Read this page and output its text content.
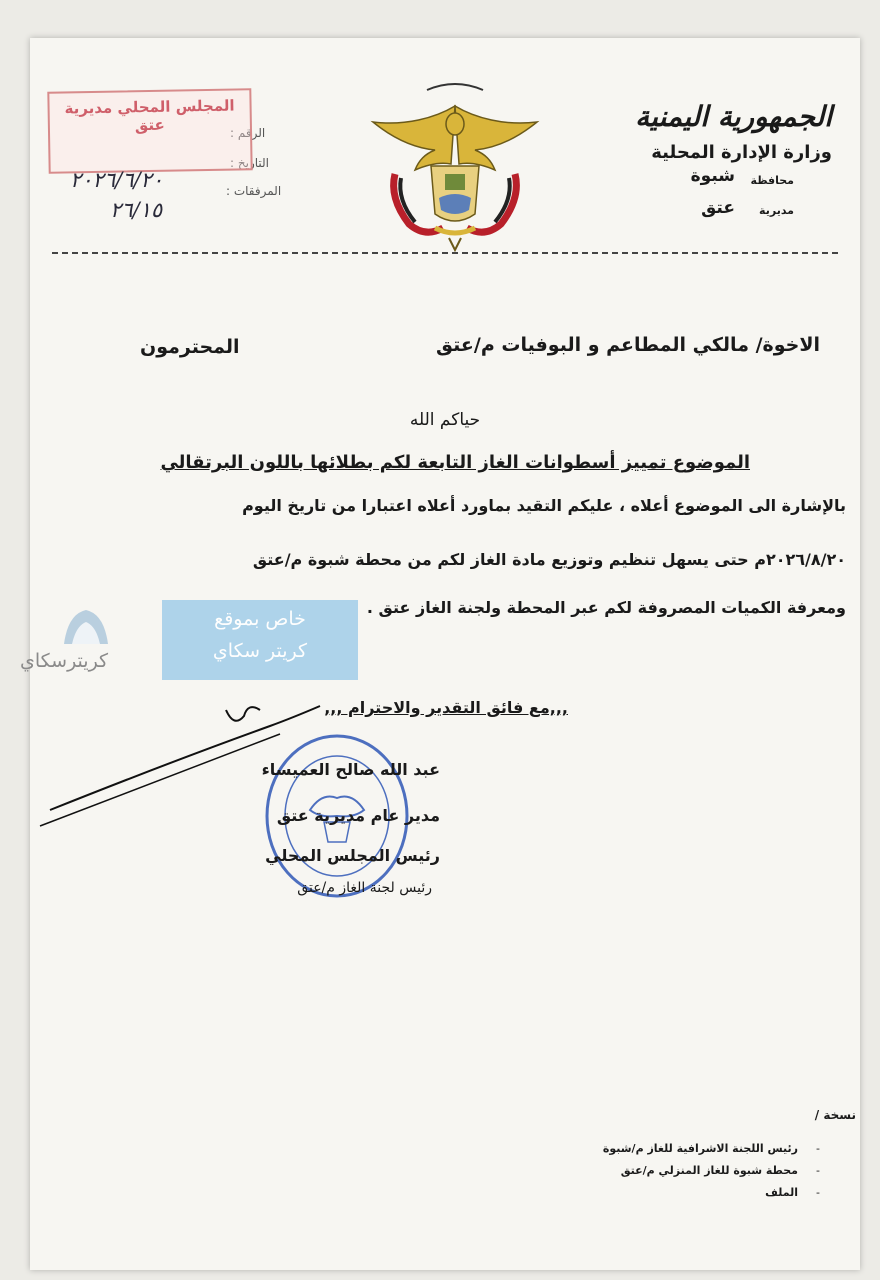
الجمهورية اليمنية
وزارة الإدارة المحلية
محافظة
شبوة
مديرية
عتق
الرقم :
التاريخ :
المرفقات :
المجلس المحلي مديرية عتق
٢٠٢٦/٦/٢٠
٢٦/١٥
الاخوة/ مالكي المطاعم و البوفيات م/عتق
المحترمون
حياكم الله
الموضوع تمييز أسطوانات الغاز التابعة لكم بطلائها باللون البرتقالي
بالإشارة الى الموضوع أعلاه ، عليكم التقيد بماورد أعلاه اعتبارا من تاريخ اليوم
٢٠٢٦/٨/٢٠م حتى يسهل تنظيم وتوزيع مادة الغاز لكم من محطة شبوة م/عتق
ومعرفة الكميات المصروفة لكم عبر المحطة ولجنة الغاز عتق .
خاص بموقع
كريتر سكاي
كريترسكاي
,,,مع فائق التقدير والاحترام ,,,
عبد الله صالح العميساء
مدير عام مديرية عتق
رئيس المجلس المحلي
رئيس لجنة الغاز م/عتق
نسخة /
-
-
-
رئيس اللجنة الاشرافية للغاز م/شبوة
محطة شبوة للغاز المنزلي م/عتق
الملف
